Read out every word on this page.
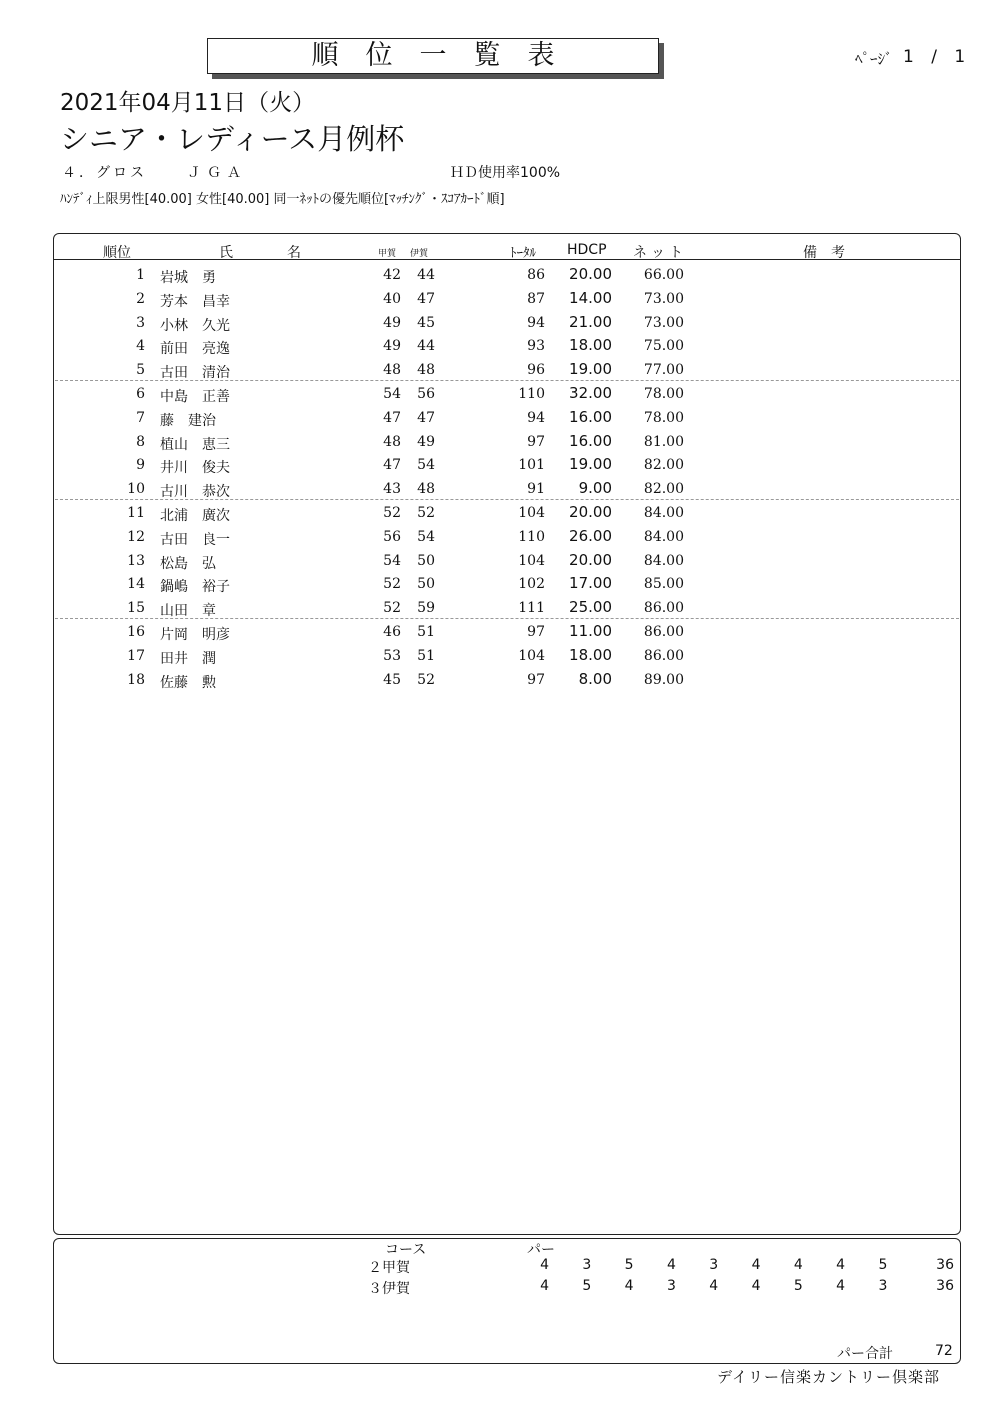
順位一覧表	ﾍﾟｰｼﾞ 1 / 1
2021年04月11日（火）
シニア・レディース月例杯
４．グロス	ＪＧＡ	ＨＤ使用率100%
ﾊﾝﾃﾞｨ上限男性[40.00] 女性[40.00] 同一ﾈｯﾄの優先順位[ﾏｯﾁﾝｸﾞ・ｽｺｱｶｰﾄﾞ順]
順位	氏	名	甲賀 伊賀	ﾄｰﾀﾙ HDCP ネット	備　考
1 岩城　勇	42	44	86	20.00	66.00
2 芳本　昌幸	40	47	87	14.00	73.00
3 小林　久光	49	45	94	21.00	73.00
4 前田　亮逸	49	44	93	18.00	75.00
5 古田　清治	48	48	96	19.00	77.00
6 中島　正善	54	56	110	32.00	78.00
7 藤　建治	47	47	94	16.00	78.00
8 植山　恵三	48	49	97	16.00	81.00
9 井川　俊夫	47	54	101	19.00	82.00
10 古川　恭次	43	48	91	9.00	82.00
11 北浦　廣次	52	52	104	20.00	84.00
12 古田　良一	56	54	110	26.00	84.00
13 松島　弘	54	50	104	20.00	84.00
14 鍋嶋　裕子	52	50	102	17.00	85.00
15 山田　章	52	59	111	25.00	86.00
16 片岡　明彦	46	51	97	11.00	86.00
17 田井　潤	53	51	104	18.00	86.00
18 佐藤　勲	45	52	97	8.00	89.00
コース	パー
２甲賀	4	3	5	4	3	4	4	4	5	36
３伊賀	4	5	4	3	4	4	5	4	3	36
パー合計	72
デイリー信楽カントリー倶楽部
